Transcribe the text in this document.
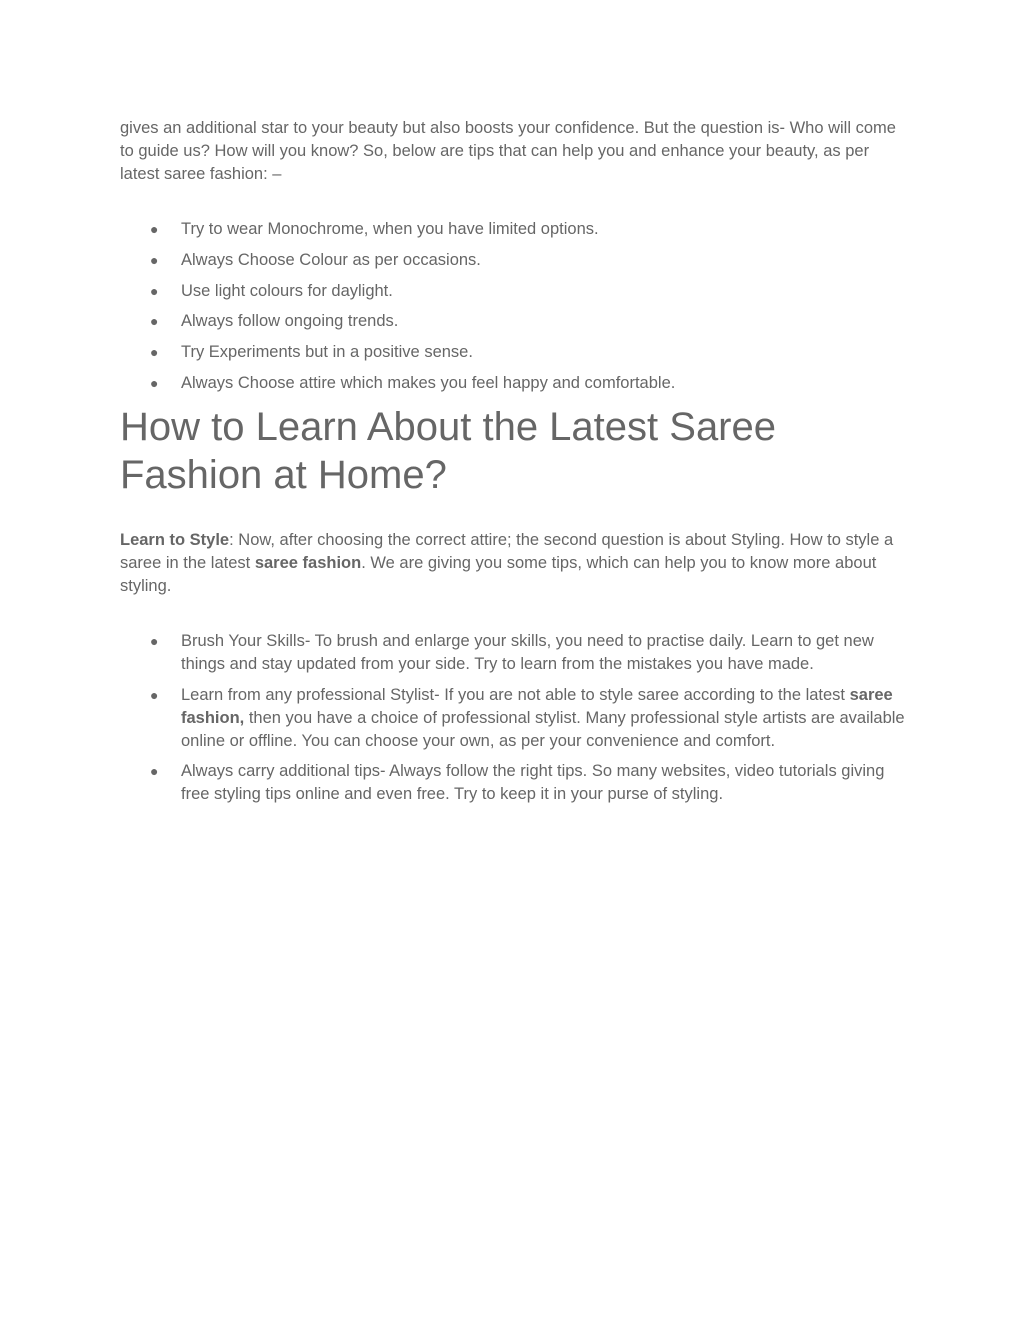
gives an additional star to your beauty but also boosts your confidence. But the question is- Who will come to guide us? How will you know? So, below are tips that can help you and enhance your beauty, as per latest saree fashion: –

● Try to wear Monochrome, when you have limited options.
● Always Choose Colour as per occasions.
● Use light colours for daylight.
● Always follow ongoing trends.
● Try Experiments but in a positive sense.
● Always Choose attire which makes you feel happy and comfortable.
How to Learn About the Latest Saree Fashion at Home?

Learn to Style: Now, after choosing the correct attire; the second question is about Styling. How to style a saree in the latest saree fashion. We are giving you some tips, which can help you to know more about styling.

● Brush Your Skills- To brush and enlarge your skills, you need to practise daily. Learn to get new things and stay updated from your side. Try to learn from the mistakes you have made.
● Learn from any professional Stylist- If you are not able to style saree according to the latest saree fashion, then you have a choice of professional stylist. Many professional style artists are available online or offline. You can choose your own, as per your convenience and comfort.
● Always carry additional tips- Always follow the right tips. So many websites, video tutorials giving free styling tips online and even free. Try to keep it in your purse of styling.
